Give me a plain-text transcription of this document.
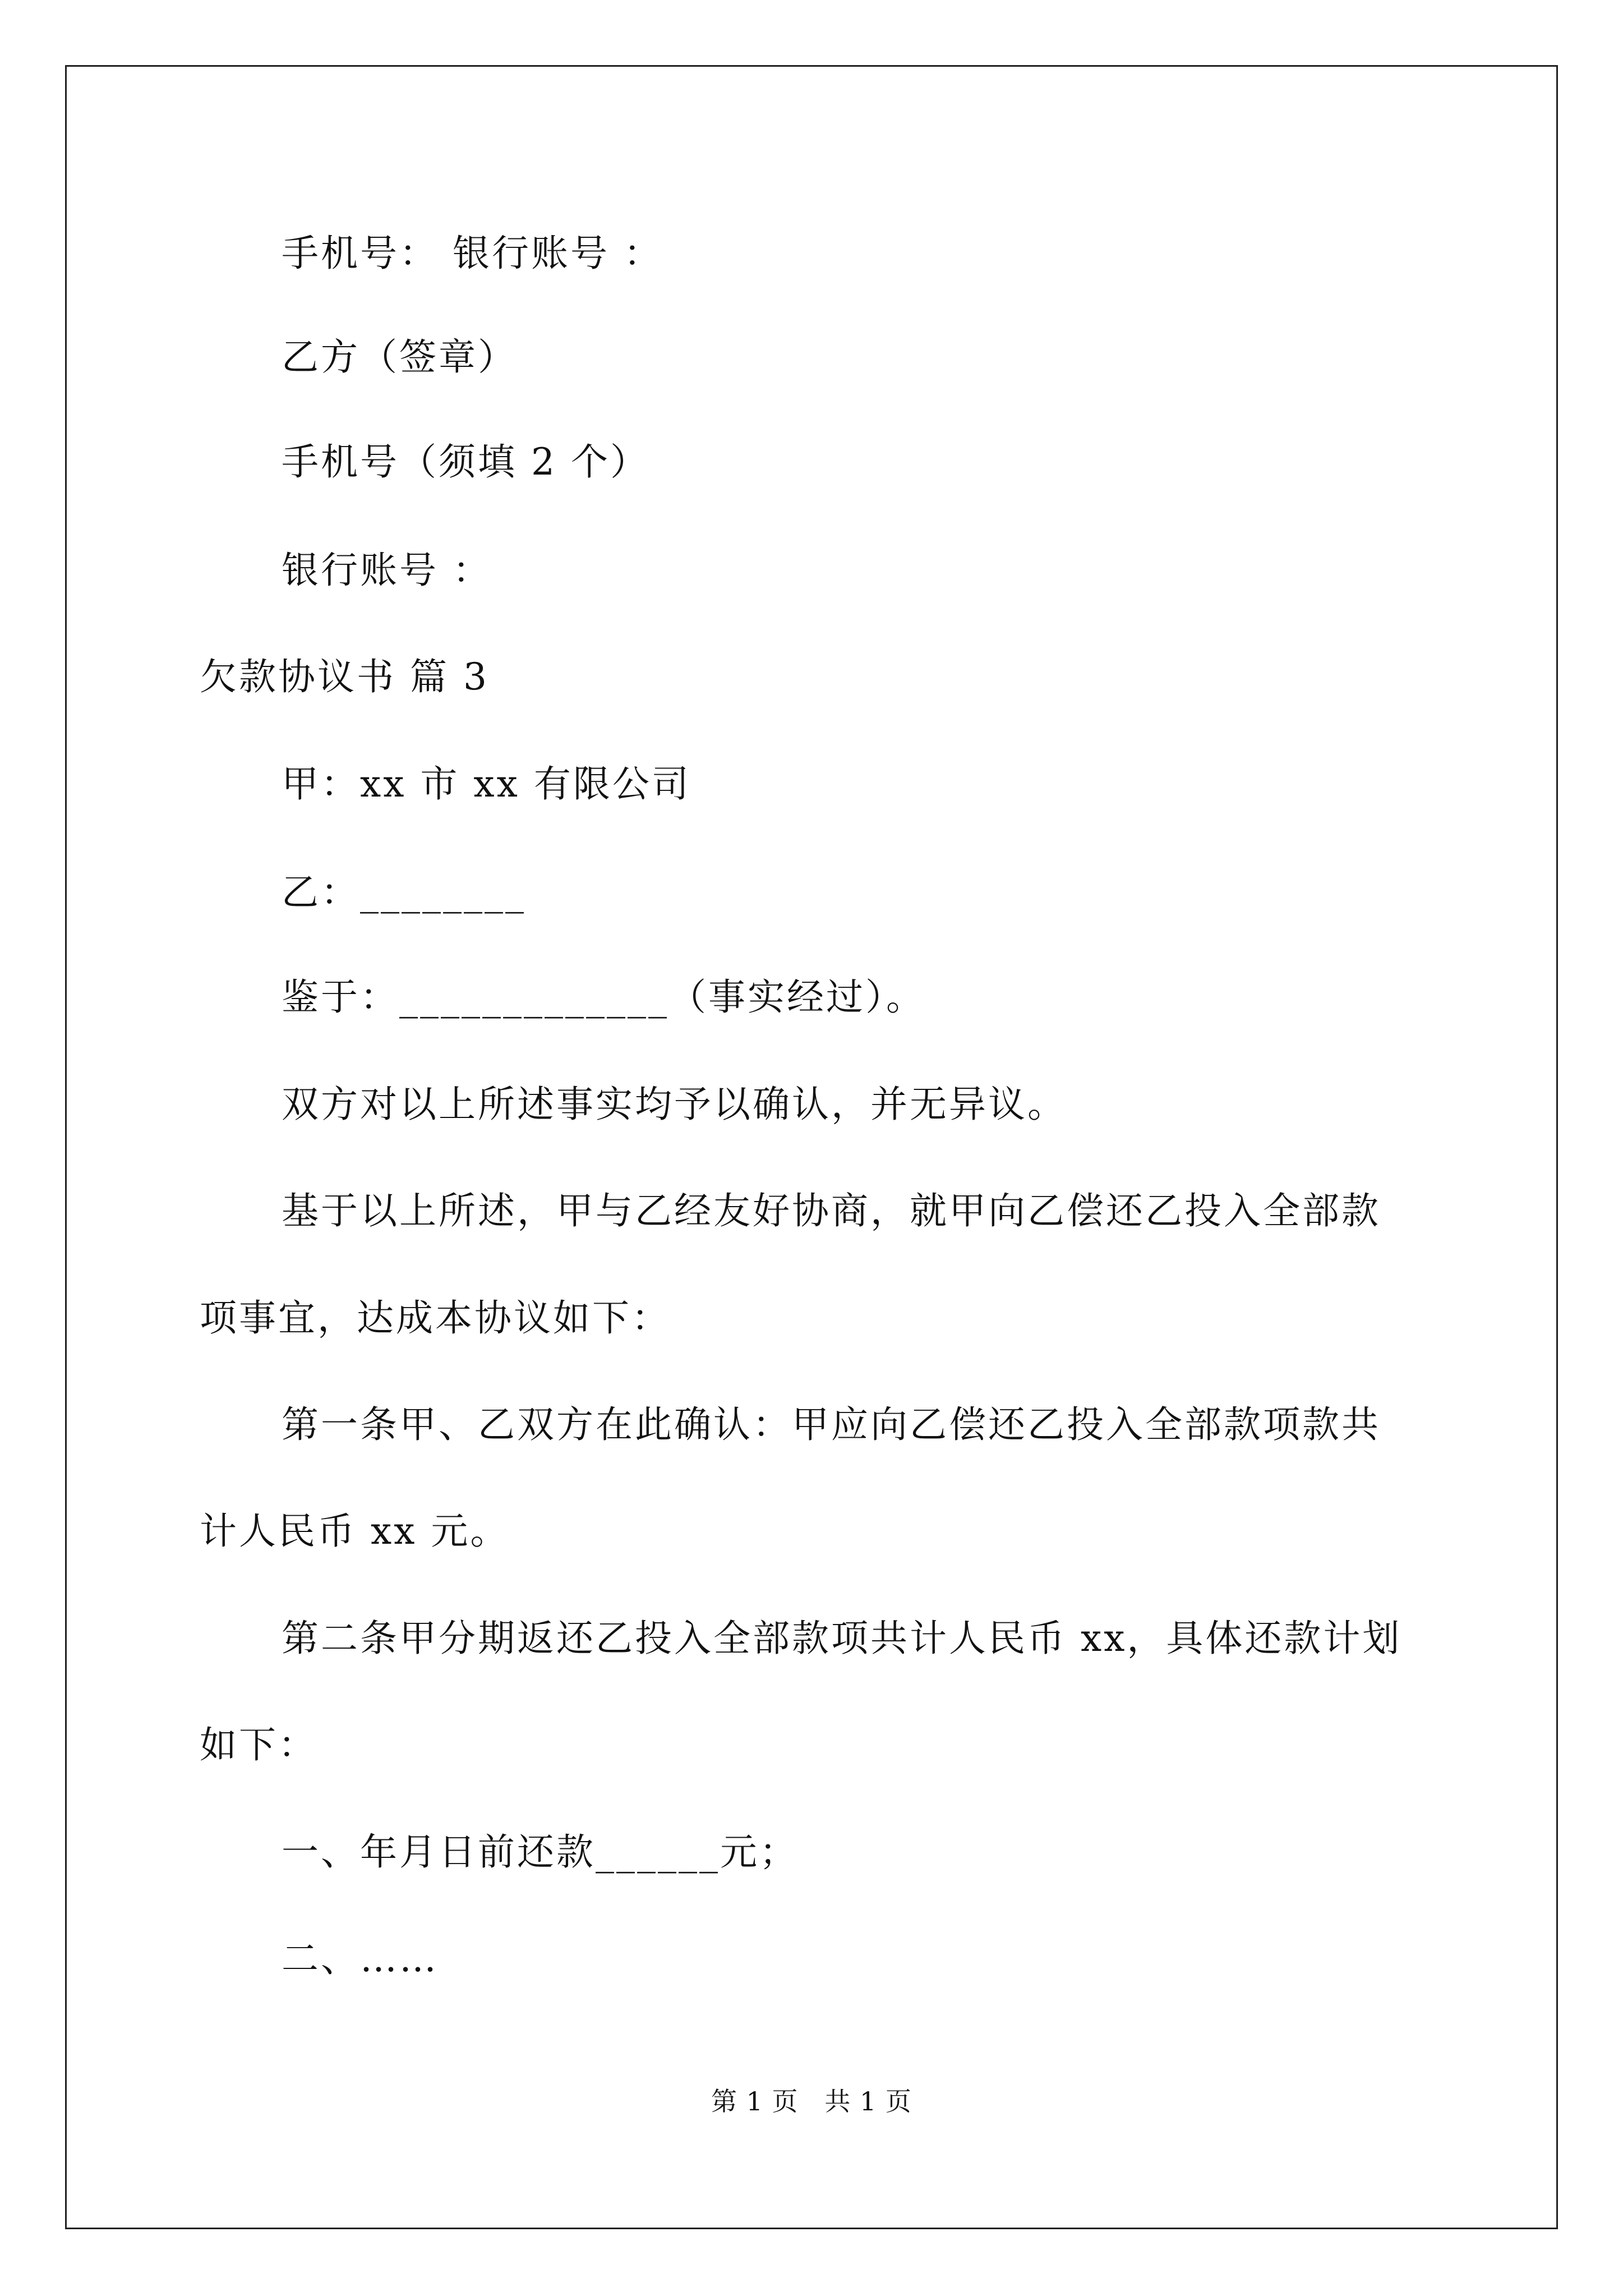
手机号： 银行账号 ：
乙方（签章）
手机号（须填 2 个）
银行账号 ：
欠款协议书 篇 3
甲：xx 市 xx 有限公司
乙：________
鉴于：_____________（事实经过）。
双方对以上所述事实均予以确认，并无异议。
基于以上所述，甲与乙经友好协商，就甲向乙偿还乙投入全部款
项事宜，达成本协议如下：
第一条甲、乙双方在此确认：甲应向乙偿还乙投入全部款项款共
计人民币 xx 元。
第二条甲分期返还乙投入全部款项共计人民币 xx，具体还款计划
如下：
一、年月日前还款______元；
二、……
第 1 页   共 1 页
